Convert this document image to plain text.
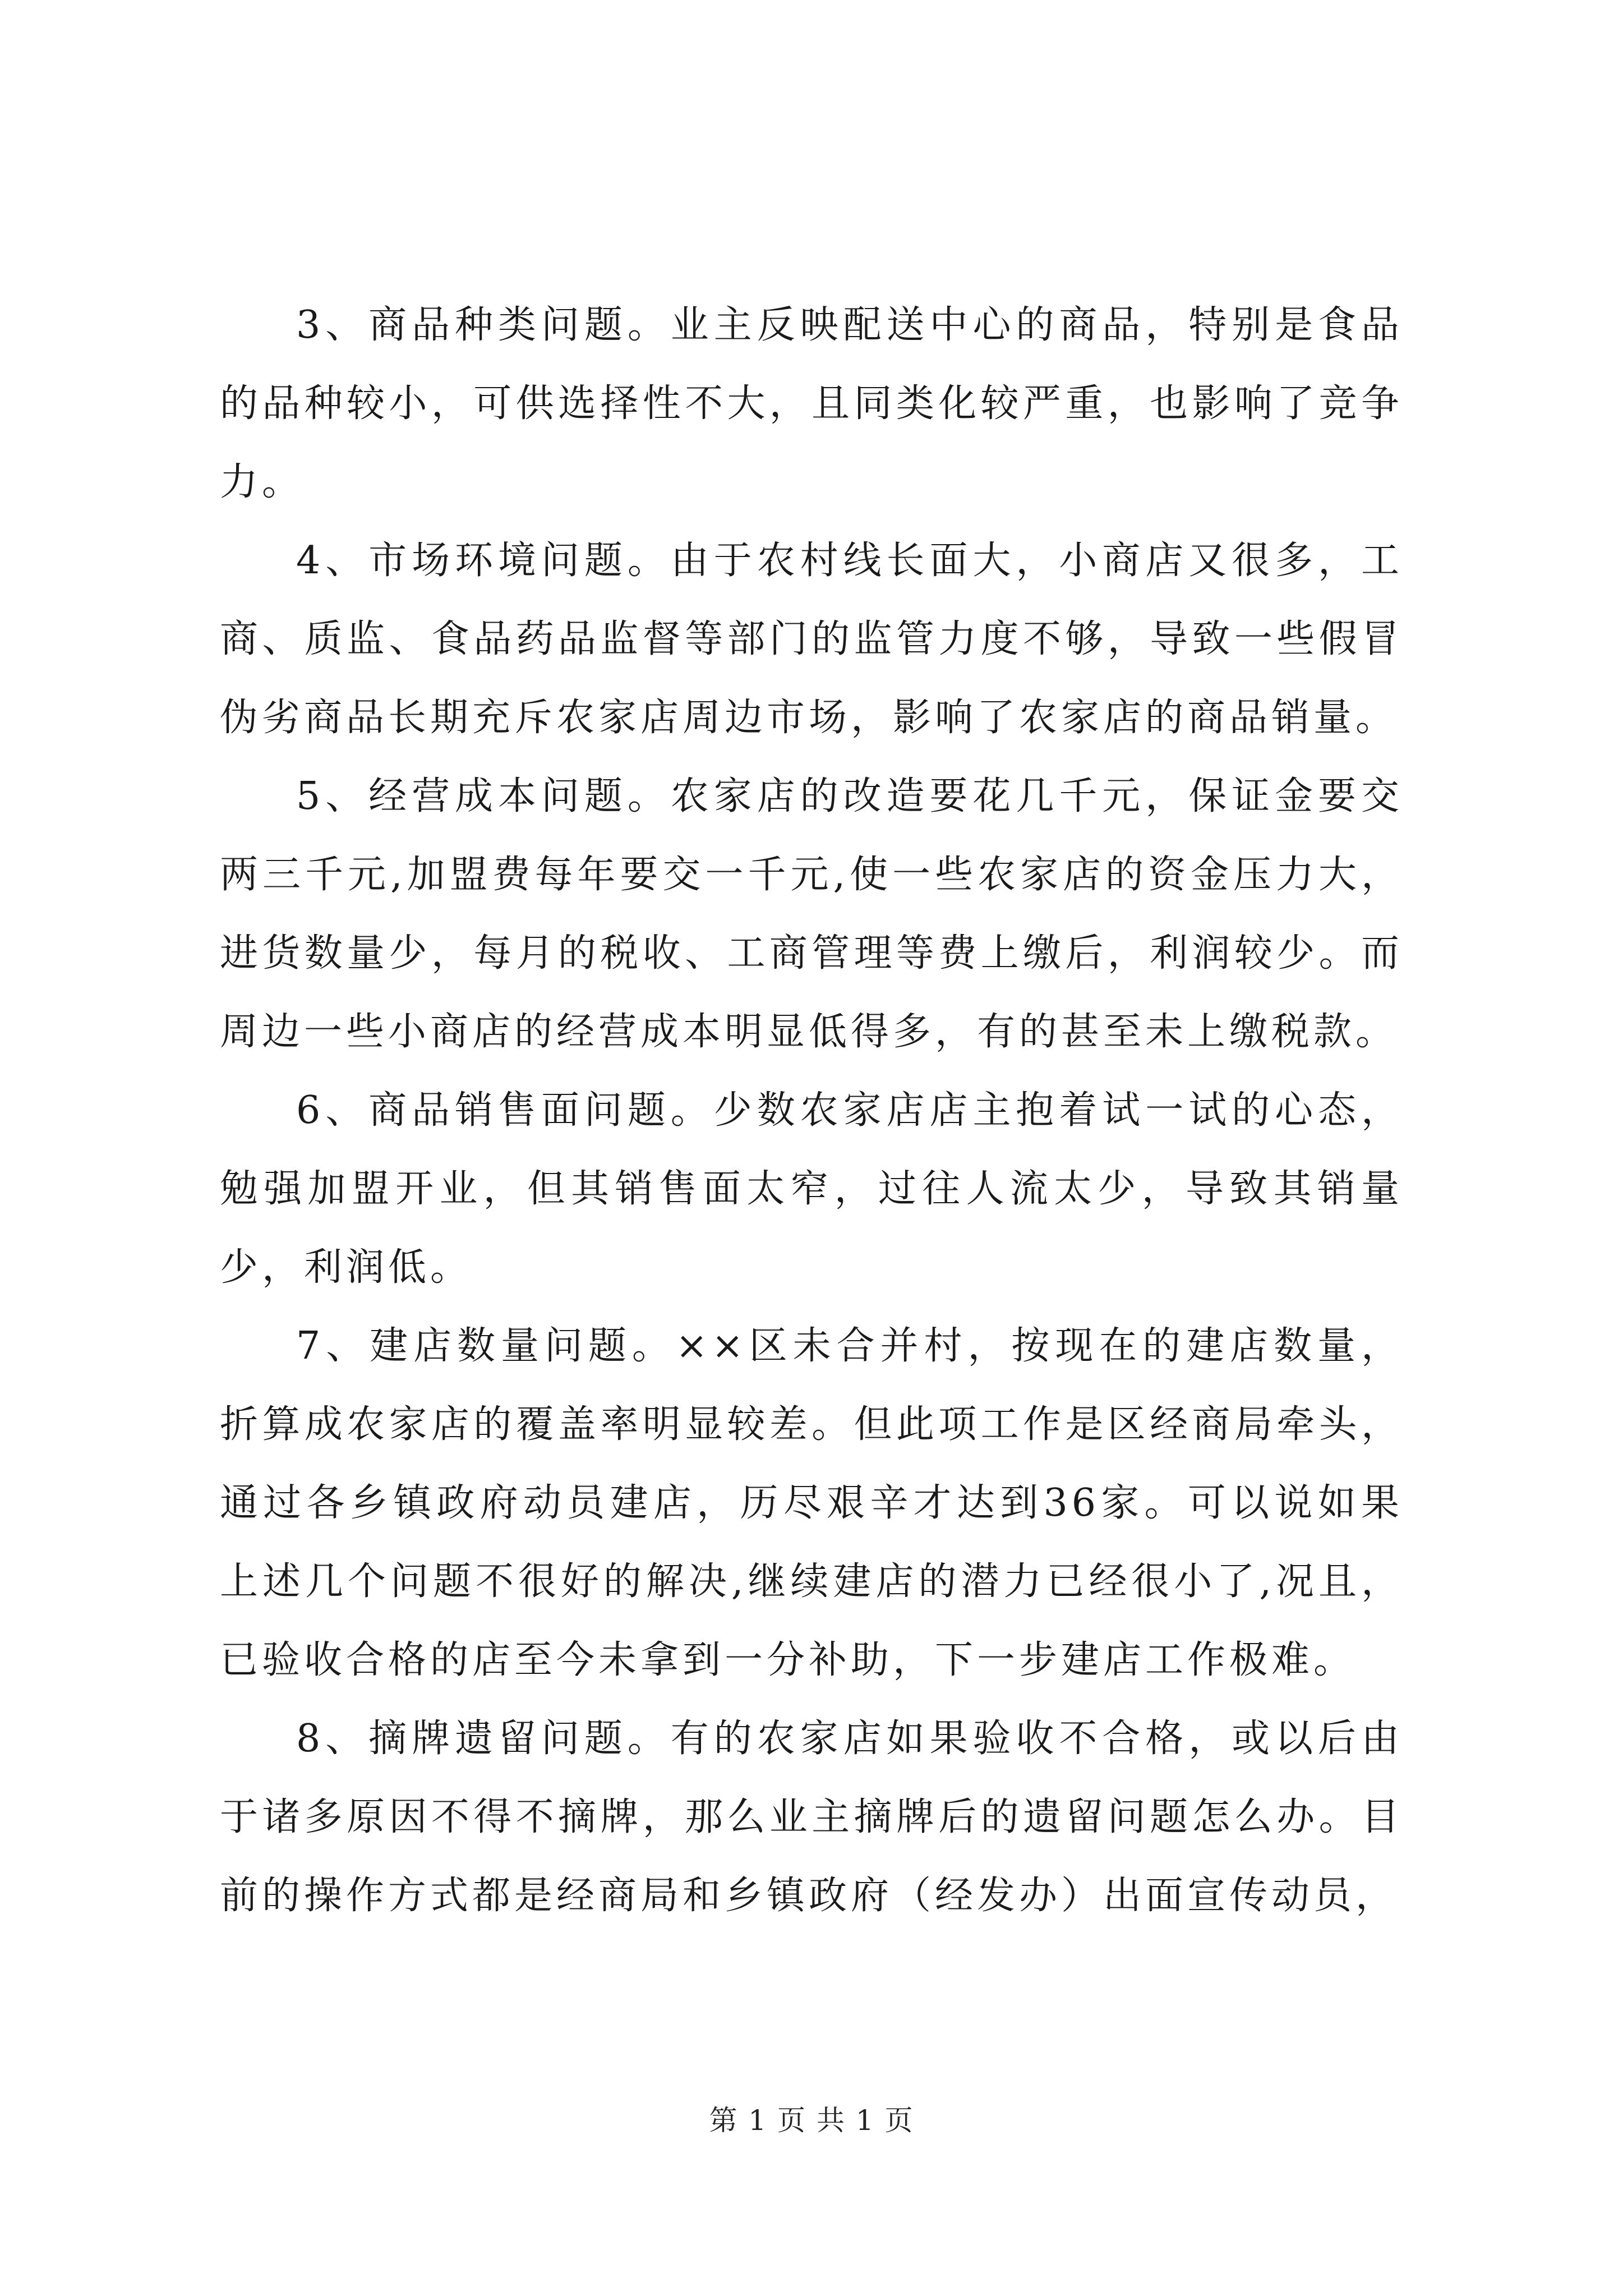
3、商品种类问题。业主反映配送中心的商品，特别是食品的品种较小，可供选择性不大，且同类化较严重，也影响了竞争力。

4、市场环境问题。由于农村线长面大，小商店又很多，工商、质监、食品药品监督等部门的监管力度不够，导致一些假冒伪劣商品长期充斥农家店周边市场，影响了农家店的商品销量。

5、经营成本问题。农家店的改造要花几千元，保证金要交两三千元,加盟费每年要交一千元,使一些农家店的资金压力大，进货数量少，每月的税收、工商管理等费上缴后，利润较少。而周边一些小商店的经营成本明显低得多，有的甚至未上缴税款。

6、商品销售面问题。少数农家店店主抱着试一试的心态，勉强加盟开业，但其销售面太窄，过往人流太少，导致其销量少，利润低。

7、建店数量问题。××区未合并村，按现在的建店数量，折算成农家店的覆盖率明显较差。但此项工作是区经商局牵头，通过各乡镇政府动员建店，历尽艰辛才达到36家。可以说如果上述几个问题不很好的解决,继续建店的潜力已经很小了,况且，已验收合格的店至今未拿到一分补助，下一步建店工作极难。

8、摘牌遗留问题。有的农家店如果验收不合格，或以后由于诸多原因不得不摘牌，那么业主摘牌后的遗留问题怎么办。目前的操作方式都是经商局和乡镇政府（经发办）出面宣传动员，

第 1 页 共 1 页
